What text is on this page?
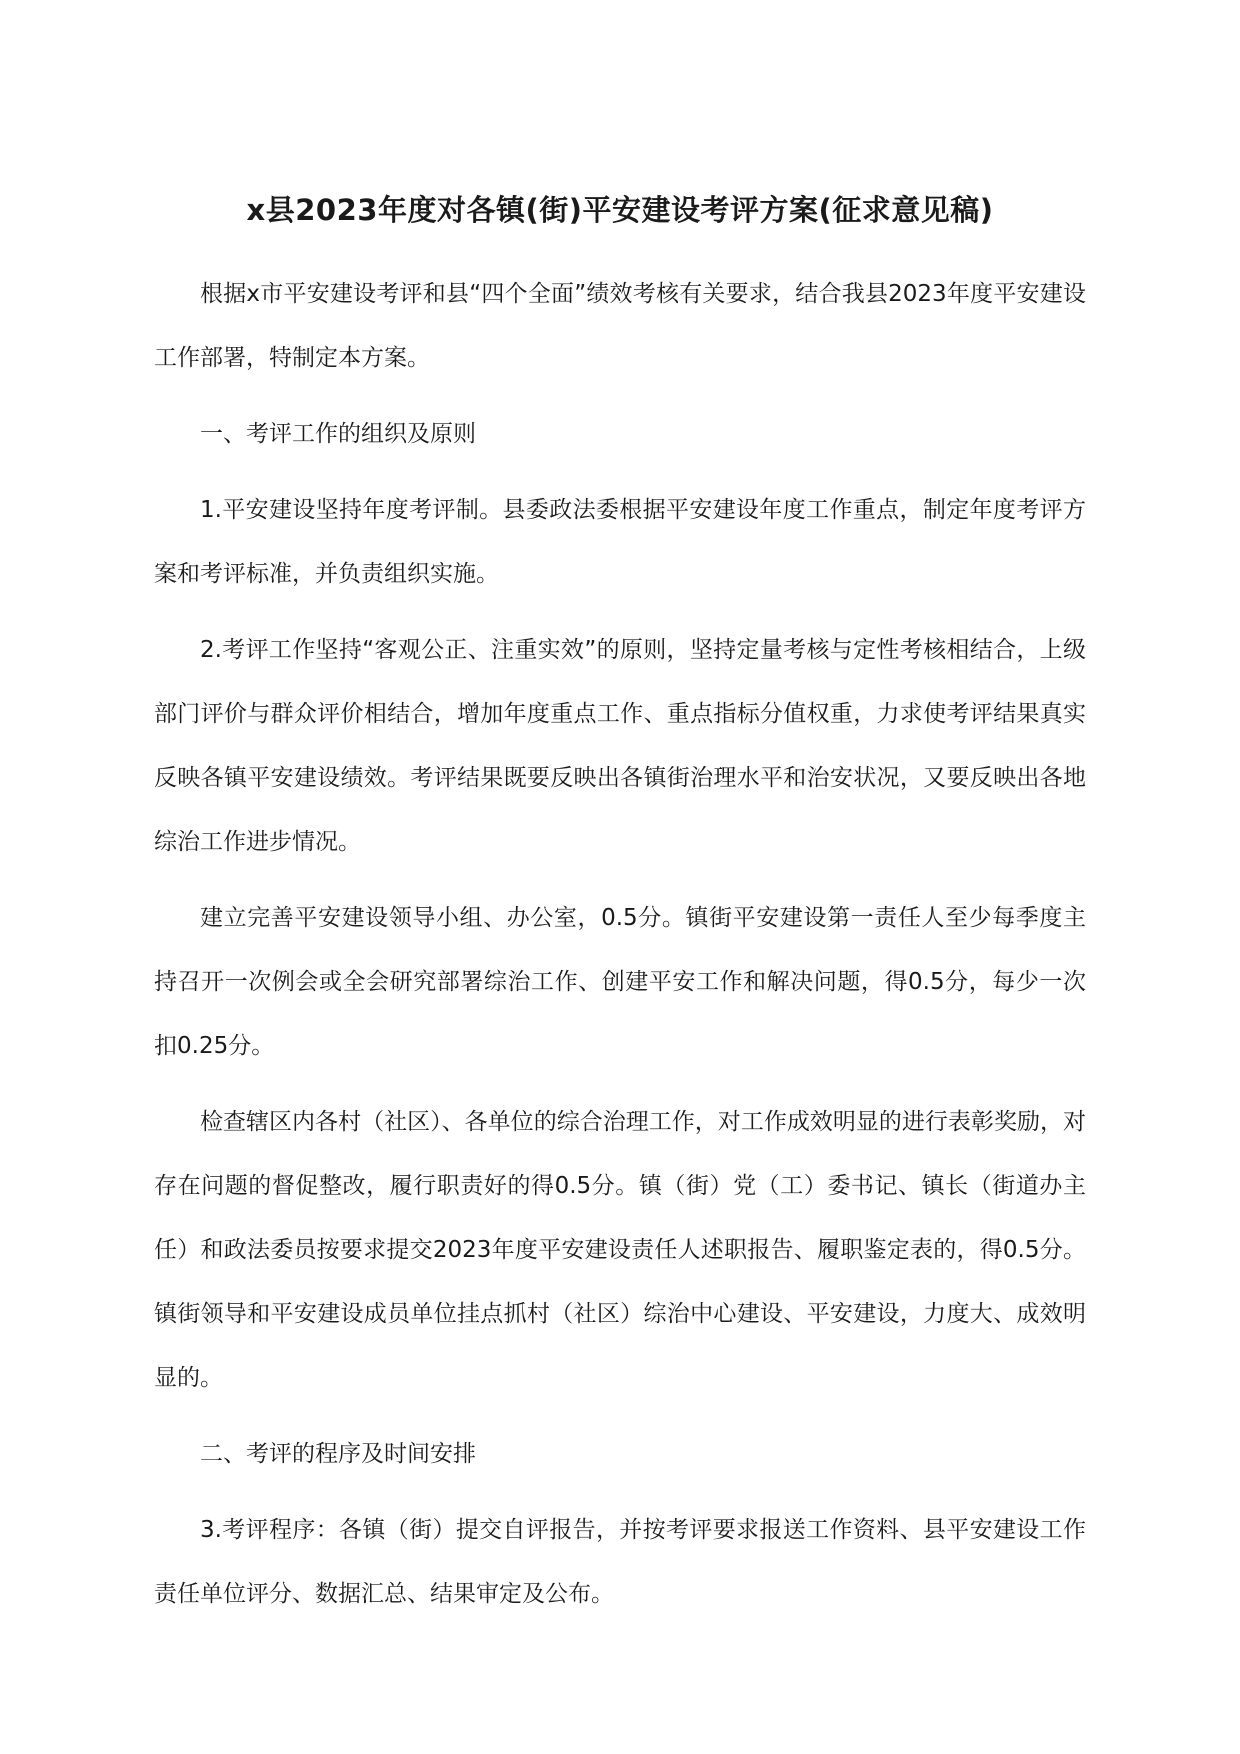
x县2023年度对各镇(街)平安建设考评方案(征求意见稿)

根据x市平安建设考评和县“四个全面”绩效考核有关要求，结合我县2023年度平安建设工作部署，特制定本方案。

一、考评工作的组织及原则

1.平安建设坚持年度考评制。县委政法委根据平安建设年度工作重点，制定年度考评方案和考评标准，并负责组织实施。

2.考评工作坚持“客观公正、注重实效”的原则，坚持定量考核与定性考核相结合，上级部门评价与群众评价相结合，增加年度重点工作、重点指标分值权重，力求使考评结果真实反映各镇平安建设绩效。考评结果既要反映出各镇街治理水平和治安状况，又要反映出各地综治工作进步情况。

建立完善平安建设领导小组、办公室，0.5分。镇街平安建设第一责任人至少每季度主持召开一次例会或全会研究部署综治工作、创建平安工作和解决问题，得0.5分，每少一次扣0.25分。

检查辖区内各村（社区）、各单位的综合治理工作，对工作成效明显的进行表彰奖励，对存在问题的督促整改，履行职责好的得0.5分。镇（街）党（工）委书记、镇长（街道办主任）和政法委员按要求提交2023年度平安建设责任人述职报告、履职鉴定表的，得0.5分。镇街领导和平安建设成员单位挂点抓村（社区）综治中心建设、平安建设，力度大、成效明显的。

二、考评的程序及时间安排

3.考评程序：各镇（街）提交自评报告，并按考评要求报送工作资料、县平安建设工作责任单位评分、数据汇总、结果审定及公布。
